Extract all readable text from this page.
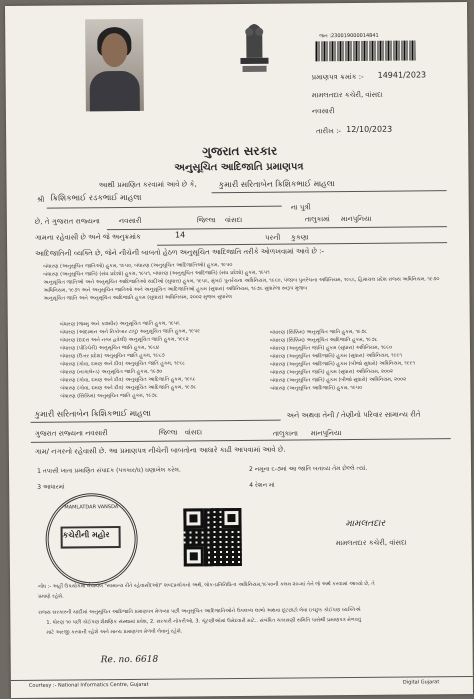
જન :230019000014841
પ્રમાણપત્ર ક્રમાંક :- 14941/2023
મામલતદાર કચેરી, વાંસદા
નવસારી
તારીખ :- 12/10/2023
ગુજરાત સરકાર
અનુસૂચિત આદિજાતિ પ્રમાણપત્ર
આથી પ્રમાણિત કરવામાં આવે છે કે,	કુમારી સરિતાબેન ક્રિશિકભાઈ માહલા
શ્રી ક્રિશિકભાઈ રડકભાઈ માહલા
ના પુત્રી
છે, તે ગુજરાત રાજ્યના	નવસારી	જિલ્લા વાંસદા	તાલુકામાં માનપુનિયા
ગામના રહેવાસી છે અને જે અનુક્રમાંક	14	પરની કુકણા
આદિજાતિની વ્યક્તિ છે, જેને નીચેની બાબતો હેઠળ અનુસૂચિત આદિજાતિ તરીકે ઓળખવામાં આવે છે :-
બંધારણ (અનુસૂચિત જાતિઓ) હુકમ, ૧૯૫૦, બંધારણ (અનુસૂચિત આદિજાતિઓ) હુકમ, ૧૯૫૦
બંધારણ (અનુસૂચિત જાતિ) (સંઘ પ્રદેશો) હુકમ, ૧૯૫૧, બંધારણ (અનુસૂચિત આદિજાતિ) (સંઘ પ્રદેશો) હુકમ, ૧૯૫૧
અનુસૂચિત જાતિઓ અને અનુસૂચિત આદિજાતિઓ યાદીઓ (સુધારા) હુકમ, ૧૯૫૬, મુંબઈ પુનર્રચના અધિનિયમ, ૧૯૬૦, પંજાબ પુનર્રચના અધિનિયમ, ૧૯૬૬, હિમાચલ પ્રદેશ રાજ્ય અધિનિયમ, ૧૯૭૦
અધિનિયમ, ૧૯૭૧ અને અનુસૂચિત જાતિઓ અને અનુસૂચિત આદિજાતિઓ હુકમ (સુધારા) અધિનિયમ, ૧૯૭૬ સુધારેલા સ્વરૂપ મુજબ
અનુસૂચિત જાતિ અને અનુસૂચિત આદિજાતિ હુકમ (સુધારા) અધિનિયમ, ૨૦૦૨ મુજબ સુધારેલ
બંધારણ (જમ્મુ અને કાશ્મીર) અનુસૂચિત જાતિ હુકમ, ૧૯૫૬
બંધારણ (આંદામાન અને નિકોબાર ટાપુ) અનુસૂચિત જાતિ હુકમ, ૧૯૫૯
બંધારણ (દાદરા અને નગર હવેલી) અનુસૂચિત જાતિ હુકમ, ૧૯૬૨
બંધારણ (પોંડિચેરી) અનુસૂચિત જાતિ હુકમ, ૧૯૬૪
બંધારણ (ઉત્તર પ્રદેશ) અનુસૂચિત જાતિ હુકમ, ૧૯૬૭
બંધારણ (ગોવા, દમણ અને દીવ) અનુસૂચિત જાતિ હુકમ, ૧૯૬૮
બંધારણ (નાગાલેન્ડ) અનુસૂચિત જાતિ હુકમ, ૧૯૭૦
બંધારણ (ગોવા, દમણ અને દીવ) અનુસૂચિત આદિજાતિ હુકમ, ૧૯૬૮
બંધારણ (ગોવા, દમણ અને દીવ) અનુસૂચિત આદિજાતિ હુકમ, ૧૯૭૮
બંધારણ (સિક્કિમ) અનુસૂચિત જાતિ હુકમ, ૧૯૭૮
બંધારણ (સિક્કિમ) અનુસૂચિત જાતિ હુકમ, ૧૯૭૮
બંધારણ (સિક્કિમ) અનુસૂચિત આદિજાતિ હુકમ, ૧૯૭૮
બંધારણ (અનુસૂચિત જાતિ) હુકમ (સુધારા) અધિનિયમ, ૧૯૯૦
બંધારણ (અનુસૂચિત આદિજાતિ) હુકમ (સુધારા) અધિનિયમ, ૧૯૯૧
બંધારણ (અનુસૂચિત આદિજાતિ) હુકમ (બીજો સુધારો) અધિનિયમ, ૧૯૯૧
બંધારણ (અનુસૂચિત જાતિ) હુકમ (સુધારા) અધિનિયમ, ૨૦૦૨
બંધારણ (અનુસૂચિત જાતિ) હુકમ (બીજો સુધારો) અધિનિયમ, ૨૦૦૨
બંધારણ (અનુસૂચિત આદિજાતિ) હુકમ, ૧૯૫૦
કુમારી સરિતાબેન ક્રિશિકભાઈ માહલા	અને અથવા તેની / તેણીનો પરિવાર સામાન્ય રીતે
ગુજરાત રાજ્યના નવસારી	જિલ્લા વાંસદા	તાલુકાના માનપુનિયા
ગામ/ નગરનો રહેવાસી છે. આ પ્રમાણપત્ર નીચેની બાબતોના આધારે કાઢી આપવામાં આવે છે.
1 તપાસી ખાતા પ્રમાણિત સંપાદક (પત્રકાર/ઘ) ઘણાખેલ કરેલ.	2 નમૂના ૬-૭માં આ જાતિ બતાવ્ય તેમ છેલ્લે ત્યાં.
3 આધારમાં	4 રેશન માં
MAMLATDAR VANSDA
કચેરીની મહોર
મામલતદાર
મામલતદાર કચેરી, વાંસદા
નોંધ :- અહીં ઉપયોગમાં લેવાયેલ "સામાન્ય રીતે રહેવાસી(ઓ)" શબ્દપ્રયોગનો અર્થ, લોક-પ્રતિનિધિત્વ અધિનિયમ,૧૯૫૦ની કલમ ૨૦-માં તેને જે અર્થ કરવામાં આવ્યો છે, તે
પ્રમાણે રહેશે.
રાજ્ય સરકારની યાદીમાં અનુસૂચિત આદિજાતિ પ્રમાણપત્ર મેળવ્યા પછી અનુસૂચિત આદિજાતિઓને ઉપલબ્ધ લાભો અથવા છૂટછાટો લેવા ઇચ્છુક કોઈપણ વ્યક્તિએ
1. ધોરણ ૧૦ પછી કોઈપણ શૈક્ષણિક સંસ્થામાં પ્રવેશ, 2. સરકારી નોકરીઓ, 3. ચૂંટણીઓમાં ઉમેદવારી માટે.. સંબંધિત ચકાસણી સમિતિ પાસેથી પ્રમાણપત્ર મેળવવું
માટે અરજી કરવાની રહેશે અને માન્ય પ્રમાણપત્ર મેળવી લેવાનું રહેશે.
Re. no. 6618
Courtesy :- National Informatics Centre, Gujarat	Digital Gujarat
